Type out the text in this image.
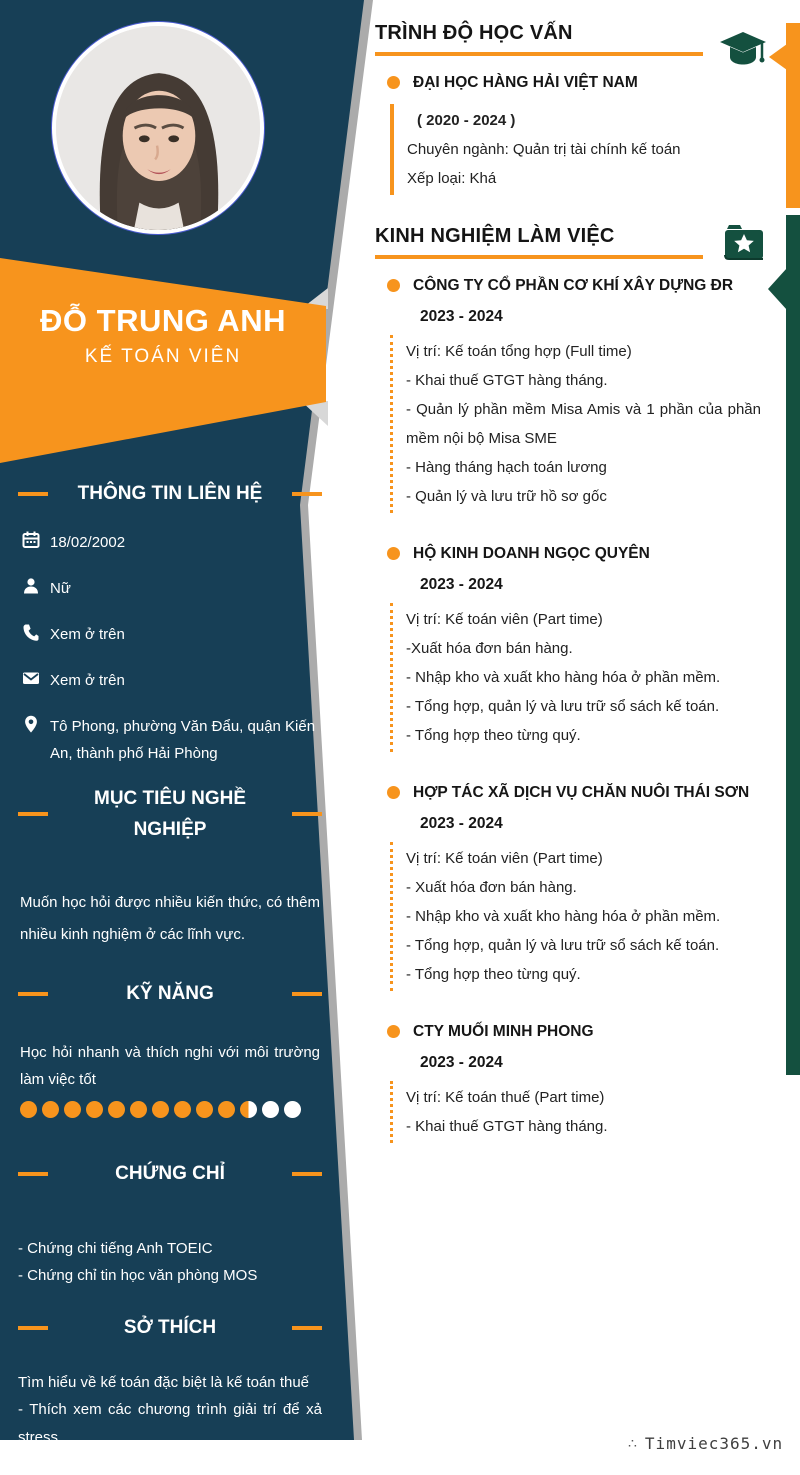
ĐỖ TRUNG ANH
KẾ TOÁN VIÊN
THÔNG TIN LIÊN HỆ
18/02/2002
Nữ
Xem ở trên
Xem ở trên
Tô Phong, phường Văn Đẩu, quận Kiến An, thành phố Hải Phòng
MỤC TIÊU NGHỀ NGHIỆP
Muốn học hỏi được nhiều kiến thức, có thêm nhiều kinh nghiệm ở các lĩnh vực.
KỸ NĂNG
Học hỏi nhanh và thích nghi với môi trường làm việc tốt
CHỨNG CHỈ
- Chứng chi tiếng Anh TOEIC
- Chứng chỉ tin học văn phòng MOS
SỞ THÍCH
Tìm hiểu về kế toán đặc biệt là kế toán thuế
- Thích xem các chương trình giải trí để xả stress
TRÌNH ĐỘ HỌC VẤN
ĐẠI HỌC HÀNG HẢI VIỆT NAM
( 2020 - 2024 )

Chuyên ngành: Quản trị tài chính kế toán

Xếp loại: Khá

KINH NGHIỆM LÀM VIỆC
CÔNG TY CỔ PHẦN CƠ KHÍ XÂY DỰNG ĐR
2023 - 2024

Vị trí: Kế toán tổng hợp (Full time)

- Khai thuế GTGT hàng tháng.

- Quản lý phần mềm Misa Amis và 1 phần của phần mềm nội bộ Misa SME

- Hàng tháng hạch toán lương

- Quản lý và lưu trữ hồ sơ gốc

HỘ KINH DOANH NGỌC QUYÊN
2023 - 2024

Vị trí: Kế toán viên (Part time)

-Xuất hóa đơn bán hàng.

- Nhập kho và xuất kho hàng hóa ở phần mềm.

- Tổng hợp, quản lý và lưu trữ sổ sách kế toán.

- Tổng hợp theo từng quý.

HỢP TÁC XÃ DỊCH VỤ CHĂN NUÔI THÁI SƠN
2023 - 2024

Vị trí: Kế toán viên (Part time)

- Xuất hóa đơn bán hàng.

- Nhập kho và xuất kho hàng hóa ở phần mềm.

- Tổng hợp, quản lý và lưu trữ sổ sách kế toán.

- Tổng hợp theo từng quý.

CTY MUỐI MINH PHONG
2023 - 2024

Vị trí: Kế toán thuế (Part time)

- Khai thuế GTGT hàng tháng.

∴ Timviec365.vn
